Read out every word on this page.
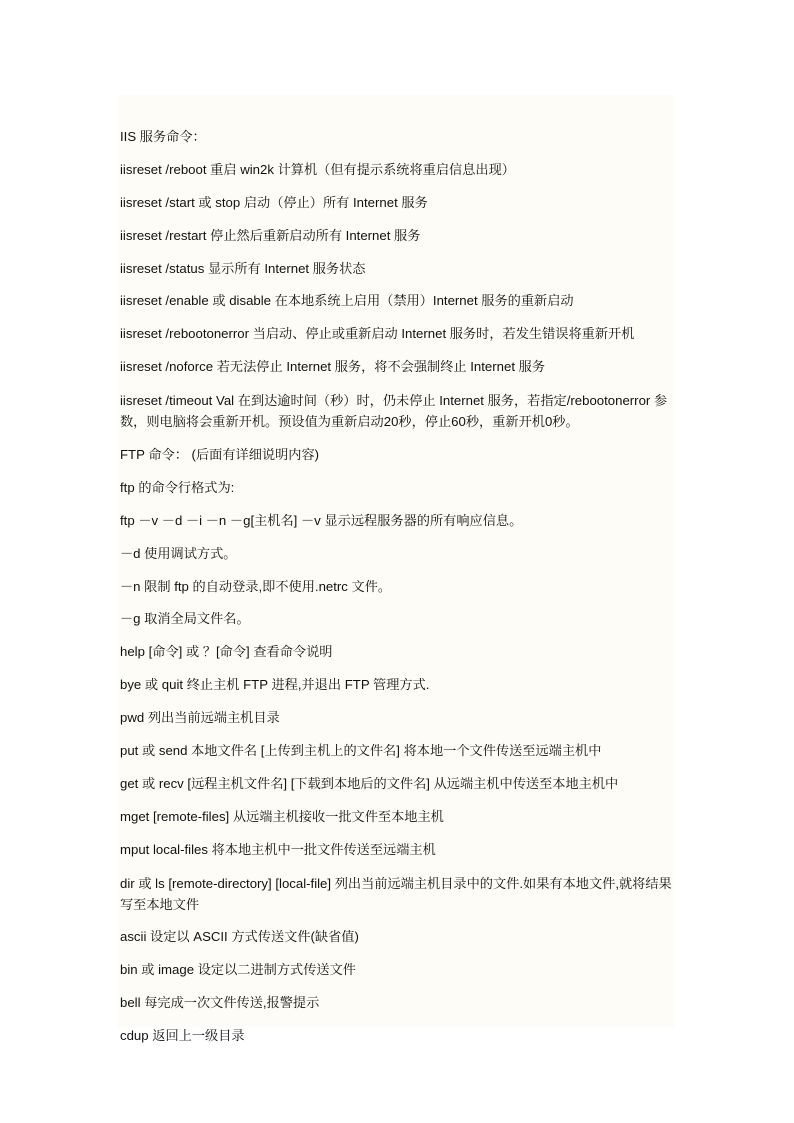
IIS 服务命令：
iisreset /reboot 重启 win2k 计算机（但有提示系统将重启信息出现）
iisreset /start 或 stop 启动（停止）所有 Internet 服务
iisreset /restart 停止然后重新启动所有 Internet 服务
iisreset /status 显示所有 Internet 服务状态
iisreset /enable 或 disable 在本地系统上启用（禁用）Internet 服务的重新启动
iisreset /rebootonerror 当启动、停止或重新启动 Internet 服务时，若发生错误将重新开机
iisreset /noforce 若无法停止 Internet 服务，将不会强制终止 Internet 服务
iisreset /timeout Val 在到达逾时间（秒）时，仍未停止 Internet 服务，若指定/rebootonerror 参数，则电脑将会重新开机。预设值为重新启动20秒，停止60秒，重新开机0秒。
FTP 命令： (后面有详细说明内容)
ftp 的命令行格式为:
ftp －v －d －i －n －g[主机名] －v 显示远程服务器的所有响应信息。
－d 使用调试方式。
－n 限制 ftp 的自动登录,即不使用.netrc 文件。
－g 取消全局文件名。
help [命令] 或 ？[命令] 查看命令说明
bye 或 quit 终止主机 FTP 进程,并退出 FTP 管理方式.
pwd 列出当前远端主机目录
put 或 send 本地文件名 [上传到主机上的文件名] 将本地一个文件传送至远端主机中
get 或 recv [远程主机文件名] [下载到本地后的文件名] 从远端主机中传送至本地主机中
mget [remote-files] 从远端主机接收一批文件至本地主机
mput local-files 将本地主机中一批文件传送至远端主机
dir 或 ls [remote-directory] [local-file] 列出当前远端主机目录中的文件.如果有本地文件,就将结果写至本地文件
ascii 设定以 ASCII 方式传送文件(缺省值)
bin 或 image 设定以二进制方式传送文件
bell 每完成一次文件传送,报警提示
cdup 返回上一级目录
